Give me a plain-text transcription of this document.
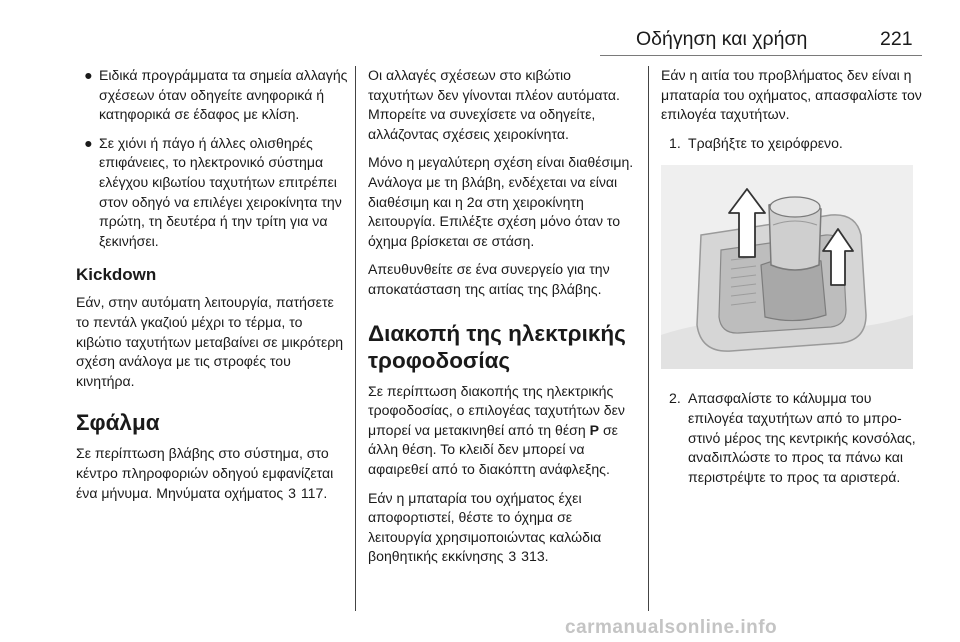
Οδήγηση και χρήση	221
● Ειδικά προγράμματα τα σημεία αλλαγής σχέσεων όταν οδηγείτε ανηφορικά ή κατηφορικά σε έδαφος με κλίση.
● Σε χιόνι ή πάγο ή άλλες ολισθηρές επιφάνειες, το ηλεκτρονικό σύστημα ελέγχου κιβωτίου ταχυτήτων επιτρέπει στον οδηγό να επιλέγει χειροκίνητα την πρώτη, τη δευτέρα ή την τρίτη για να ξεκινήσει.
Kickdown

Εάν, στην αυτόματη λειτουργία, πατήσετε το πεντάλ γκαζιού μέχρι το τέρμα, το κιβώτιο ταχυτήτων μεταβαίνει σε μικρότερη σχέση ανάλογα με τις στροφές του κινητήρα.

Σφάλμα

Σε περίπτωση βλάβης στο σύστημα, στο κέντρο πληροφοριών οδηγού εμφανίζεται ένα μήνυμα. Μηνύματα οχήματος 3 117.

Οι αλλαγές σχέσεων στο κιβώτιο ταχυτήτων δεν γίνονται πλέον αυτόματα. Μπορείτε να συνεχίσετε να οδηγείτε, αλλάζοντας σχέσεις χειροκίνητα.

Μόνο η μεγαλύτερη σχέση είναι διαθέσιμη. Ανάλογα με τη βλάβη, ενδέχεται να είναι διαθέσιμη και η 2α στη χειροκίνητη λειτουργία. Επιλέξτε σχέση μόνο όταν το όχημα βρίσκεται σε στάση.

Απευθυνθείτε σε ένα συνεργείο για την αποκατάσταση της αιτίας της βλάβης.

Διακοπή της ηλεκτρικής τροφοδοσίας

Σε περίπτωση διακοπής της ηλεκτρικής τροφοδοσίας, ο επιλογέας ταχυτήτων δεν μπορεί να μετακινηθεί από τη θέση P σε άλλη θέση. Το κλειδί δεν μπορεί να αφαιρεθεί από το διακόπτη ανάφλεξης.

Εάν η μπαταρία του οχήματος έχει αποφορτιστεί, θέστε το όχημα σε λειτουργία χρησιμοποιώντας καλώδια βοηθητικής εκκίνησης 3 313.

Εάν η αιτία του προβλήματος δεν είναι η μπαταρία του οχήματος, απασφαλίστε τον επιλογέα ταχυτήτων.

1. Τραβήξτε το χειρόφρενο.
2. Απασφαλίστε το κάλυμμα του επιλογέα ταχυτήτων από το μπροστινό μέρος της κεντρικής κονσόλας, αναδιπλώστε το προς τα πάνω και περιστρέψτε το προς τα αριστερά.
carmanualsonline.info
